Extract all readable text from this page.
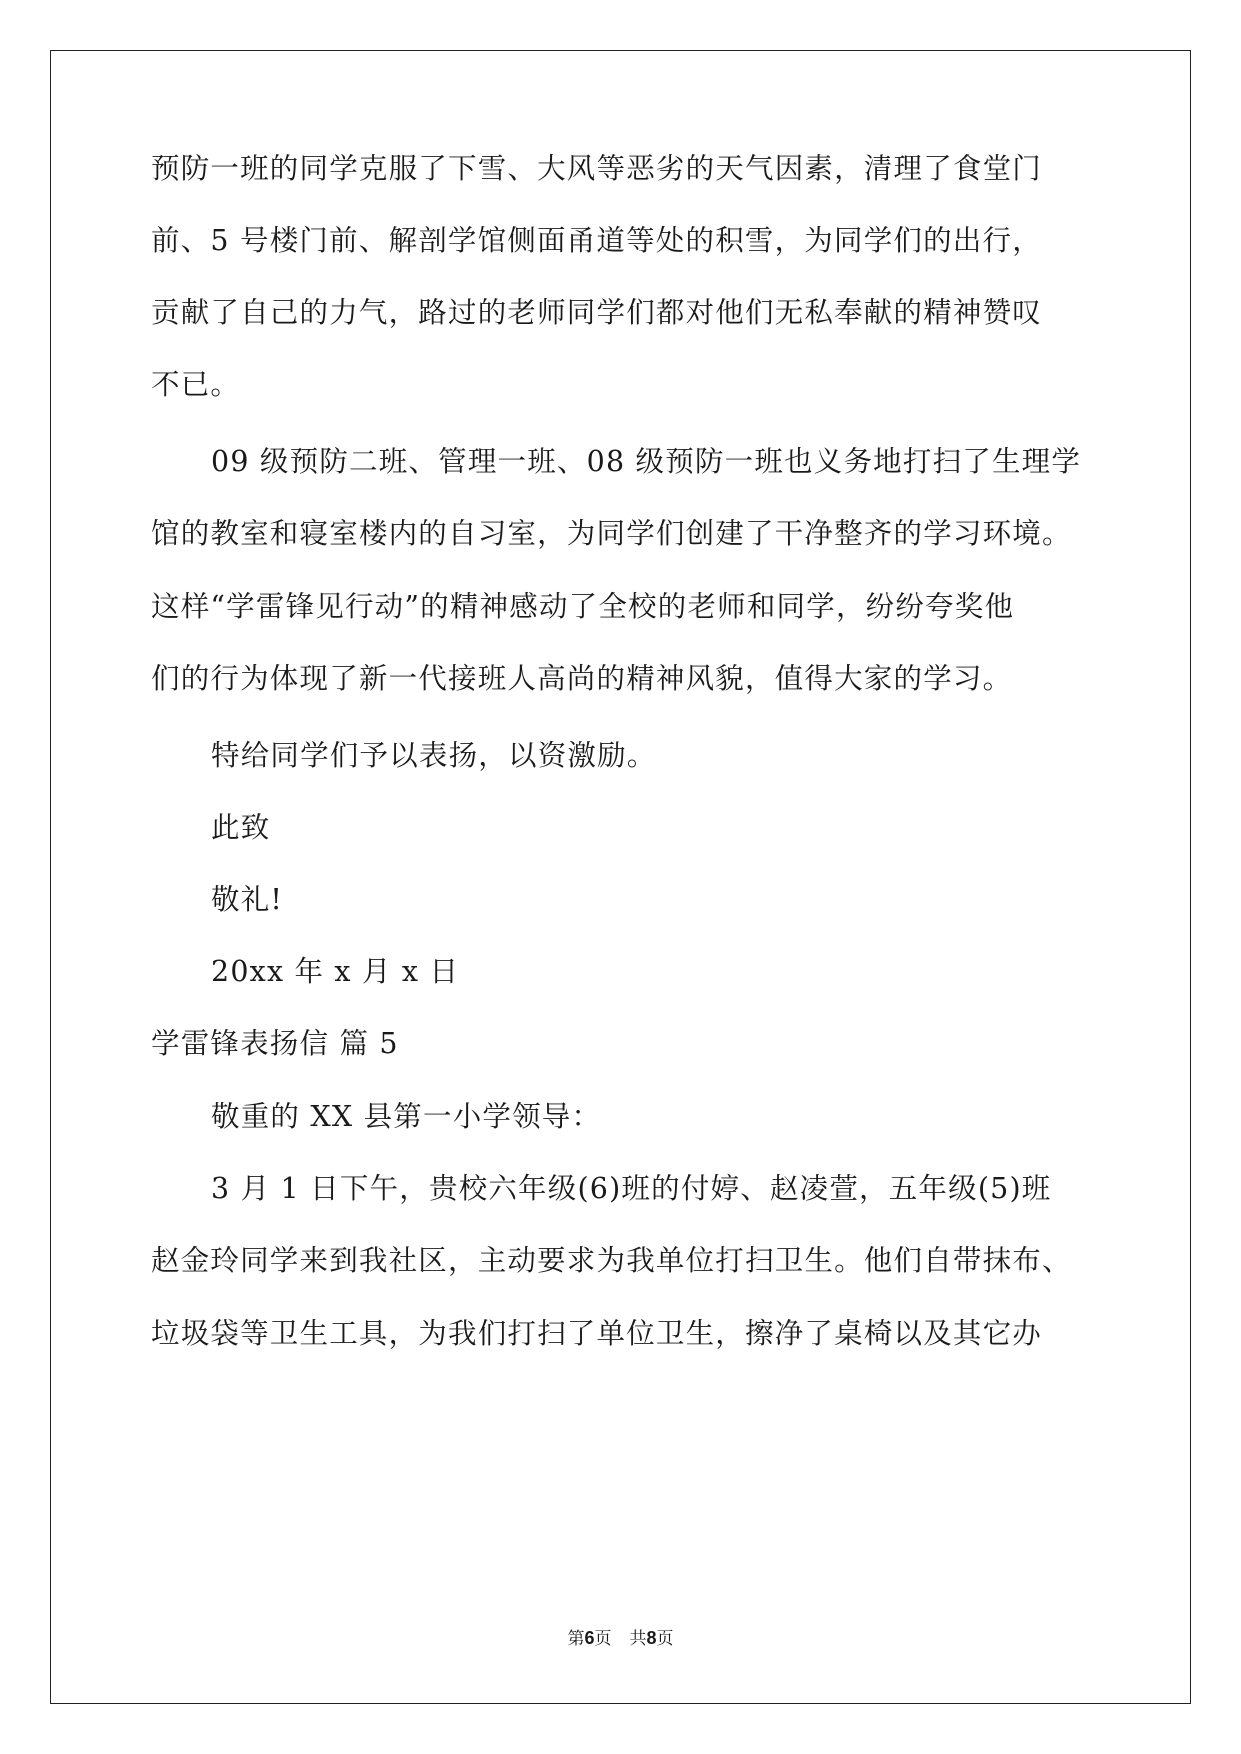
预防一班的同学克服了下雪、大风等恶劣的天气因素，清理了食堂门
前、5 号楼门前、解剖学馆侧面甬道等处的积雪，为同学们的出行，
贡献了自己的力气，路过的老师同学们都对他们无私奉献的精神赞叹
不已。
09 级预防二班、管理一班、08 级预防一班也义务地打扫了生理学
馆的教室和寝室楼内的自习室，为同学们创建了干净整齐的学习环境。
这样“学雷锋见行动”的精神感动了全校的老师和同学，纷纷夸奖他
们的行为体现了新一代接班人高尚的精神风貌，值得大家的学习。
特给同学们予以表扬，以资激励。
此致
敬礼!
20xx 年 x 月 x 日
学雷锋表扬信 篇 5
敬重的 XX 县第一小学领导：
3 月 1 日下午，贵校六年级(6)班的付婷、赵凌萱，五年级(5)班
赵金玲同学来到我社区，主动要求为我单位打扫卫生。他们自带抹布、
垃圾袋等卫生工具，为我们打扫了单位卫生，擦净了桌椅以及其它办
第6页 共8页
